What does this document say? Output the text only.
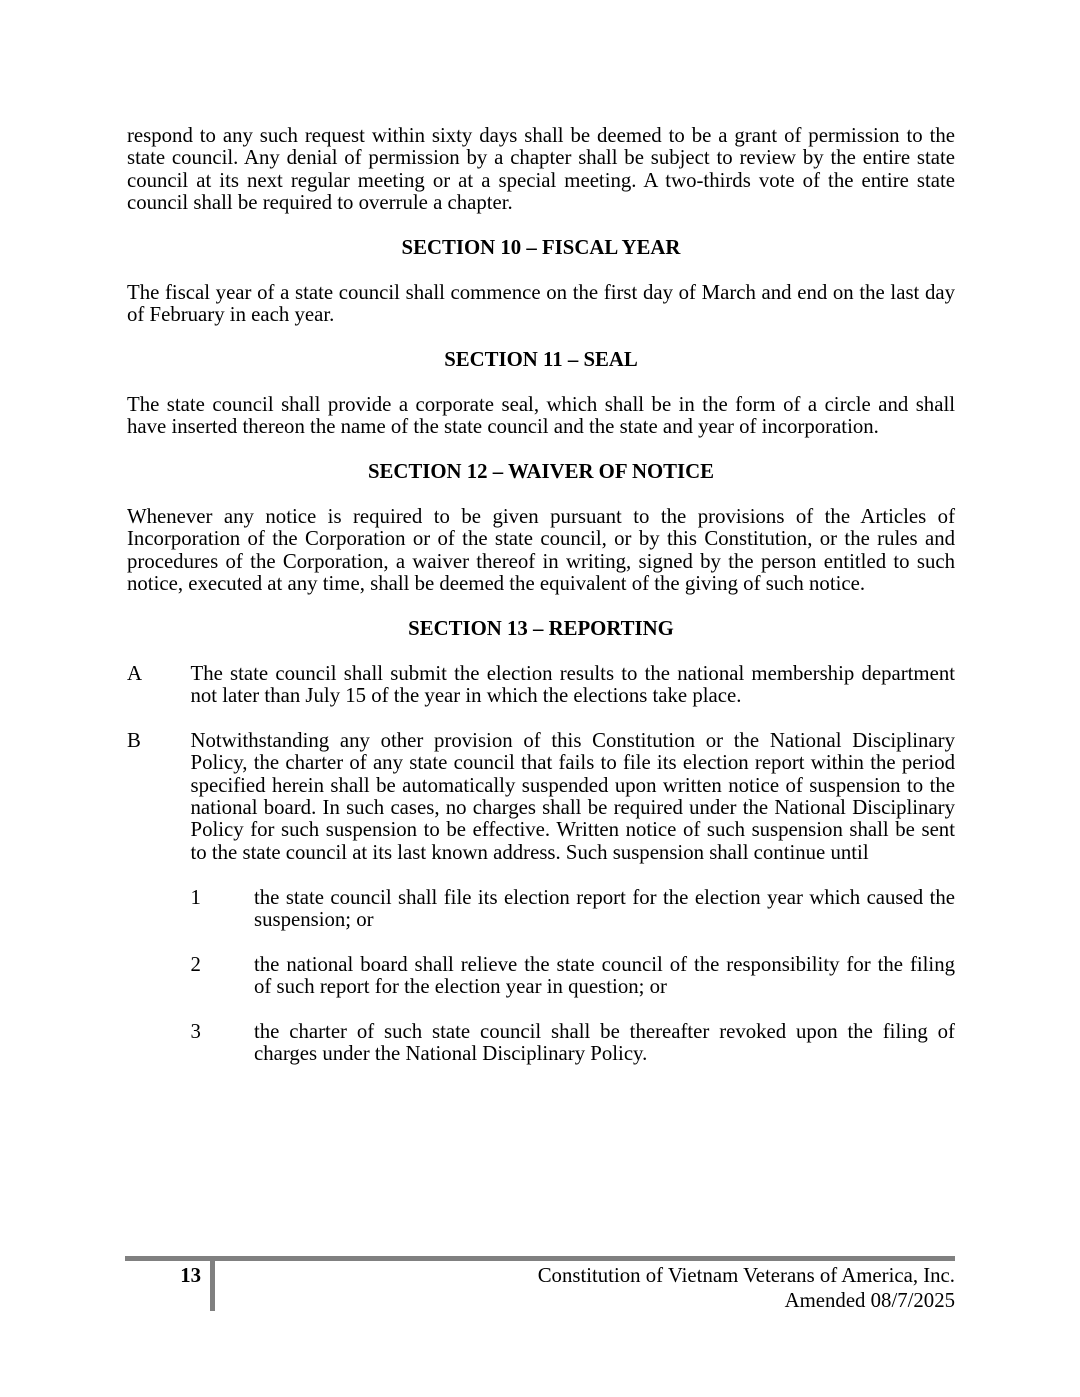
respond to any such request within sixty days shall be deemed to be a grant of permission to the state council. Any denial of permission by a chapter shall be subject to review by the entire state council at its next regular meeting or at a special meeting. A two-thirds vote of the entire state council shall be required to overrule a chapter.

SECTION 10 – FISCAL YEAR

The fiscal year of a state council shall commence on the first day of March and end on the last day of February in each year.

SECTION 11 – SEAL

The state council shall provide a corporate seal, which shall be in the form of a circle and shall have inserted thereon the name of the state council and the state and year of incorporation.

SECTION 12 – WAIVER OF NOTICE

Whenever any notice is required to be given pursuant to the provisions of the Articles of Incorporation of the Corporation or of the state council, or by this Constitution, or the rules and procedures of the Corporation, a waiver thereof in writing, signed by the person entitled to such notice, executed at any time, shall be deemed the equivalent of the giving of such notice.

SECTION 13 – REPORTING
A	The state council shall submit the election results to the national membership department not later than July 15 of the year in which the elections take place.

B	Notwithstanding any other provision of this Constitution or the National Disciplinary Policy, the charter of any state council that fails to file its election report within the period specified herein shall be automatically suspended upon written notice of suspension to the national board. In such cases, no charges shall be required under the National Disciplinary Policy for such suspension to be effective. Written notice of such suspension shall be sent to the state council at its last known address. Such suspension shall continue until

1	the state council shall file its election report for the election year which caused the suspension; or

2	the national board shall relieve the state council of the responsibility for the filing of such report for the election year in question; or

3	the charter of such state council shall be thereafter revoked upon the filing of charges under the National Disciplinary Policy.

13	Constitution of Vietnam Veterans of America, Inc.
Amended 08/7/2025
